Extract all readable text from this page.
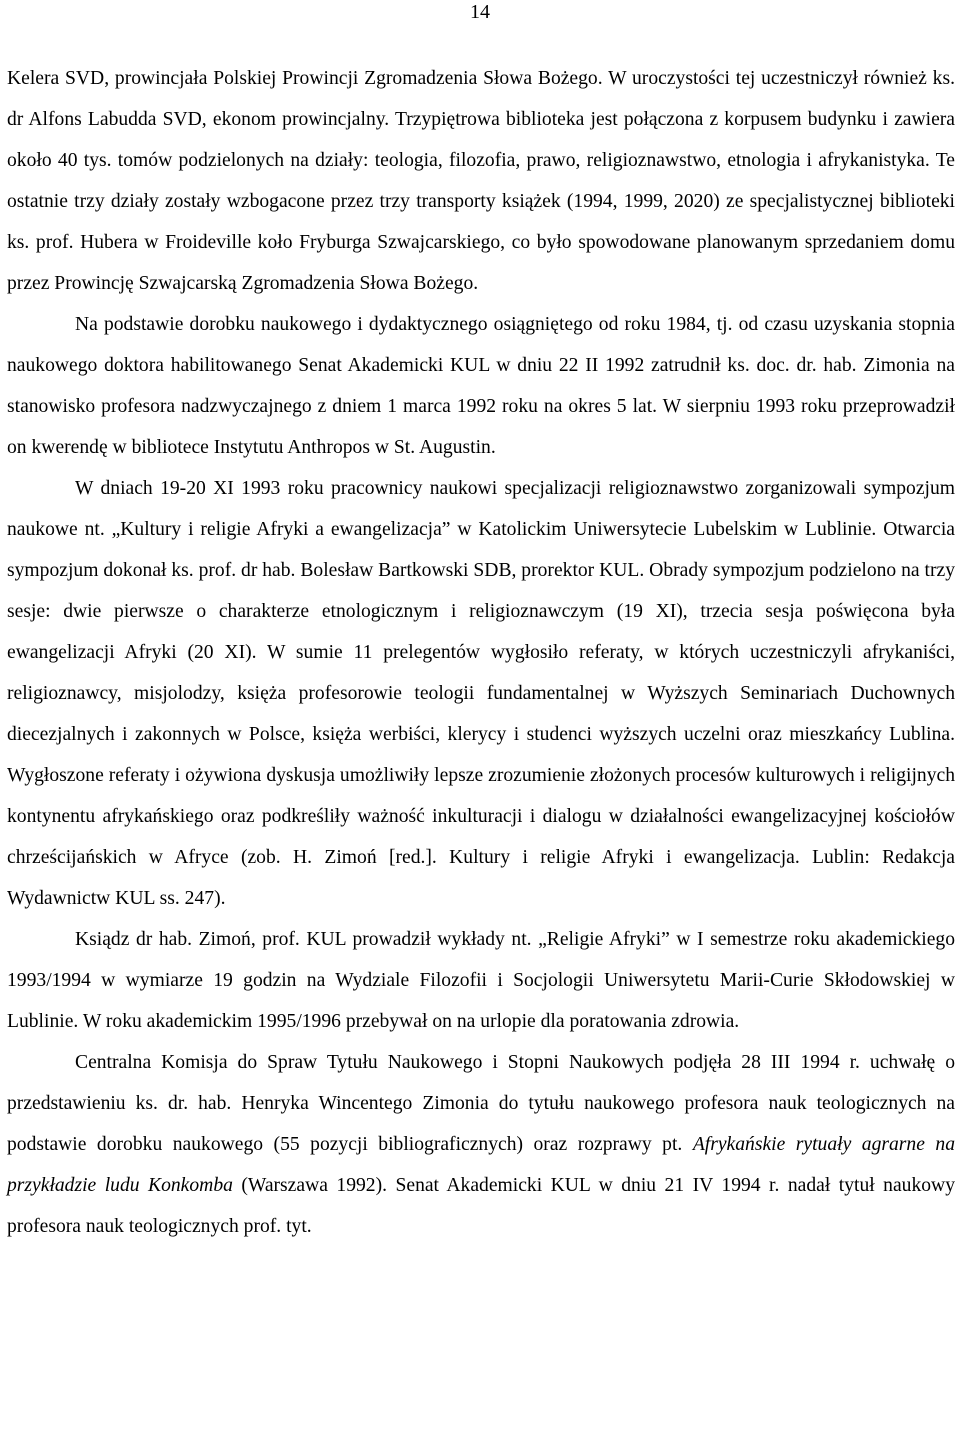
14

Kelera SVD, prowincjała Polskiej Prowincji Zgromadzenia Słowa Bożego. W uroczystości tej uczestniczył również ks. dr Alfons Labudda SVD, ekonom prowincjalny. Trzypiętrowa biblioteka jest połączona z korpusem budynku i zawiera około 40 tys. tomów podzielonych na działy: teologia, filozofia, prawo, religioznawstwo, etnologia i afrykanistyka. Te ostatnie trzy działy zostały wzbogacone przez trzy transporty książek (1994, 1999, 2020) ze specjalistycznej biblioteki ks. prof. Hubera w Froideville koło Fryburga Szwajcarskiego, co było spowodowane planowanym sprzedaniem domu przez Prowincję Szwajcarską Zgromadzenia Słowa Bożego.

Na podstawie dorobku naukowego i dydaktycznego osiągniętego od roku 1984, tj. od czasu uzyskania stopnia naukowego doktora habilitowanego Senat Akademicki KUL w dniu 22 II 1992 zatrudnił ks. doc. dr. hab. Zimonia na stanowisko profesora nadzwyczajnego z dniem 1 marca 1992 roku na okres 5 lat. W sierpniu 1993 roku przeprowadził on kwerendę w bibliotece Instytutu Anthropos w St. Augustin.

W dniach 19-20 XI 1993 roku pracownicy naukowi specjalizacji religioznawstwo zorganizowali sympozjum naukowe nt. „Kultury i religie Afryki a ewangelizacja” w Katolickim Uniwersytecie Lubelskim w Lublinie. Otwarcia sympozjum dokonał ks. prof. dr hab. Bolesław Bartkowski SDB, prorektor KUL. Obrady sympozjum podzielono na trzy sesje: dwie pierwsze o charakterze etnologicznym i religioznawczym (19 XI), trzecia sesja poświęcona była ewangelizacji Afryki (20 XI). W sumie 11 prelegentów wygłosiło referaty, w których uczestniczyli afrykaniści, religioznawcy, misjolodzy, księża profesorowie teologii fundamentalnej w Wyższych Seminariach Duchownych diecezjalnych i zakonnych w Polsce, księża werbiści, klerycy i studenci wyższych uczelni oraz mieszkańcy Lublina. Wygłoszone referaty i ożywiona dyskusja umożliwiły lepsze zrozumienie złożonych procesów kulturowych i religijnych kontynentu afrykańskiego oraz podkreśliły ważność inkulturacji i dialogu w działalności ewangelizacyjnej kościołów chrześcijańskich w Afryce (zob. H. Zimoń [red.]. Kultury i religie Afryki i ewangelizacja. Lublin: Redakcja Wydawnictw KUL ss. 247).

Ksiądz dr hab. Zimoń, prof. KUL prowadził wykłady nt. „Religie Afryki” w I semestrze roku akademickiego 1993/1994 w wymiarze 19 godzin na Wydziale Filozofii i Socjologii Uniwersytetu Marii-Curie Skłodowskiej w Lublinie. W roku akademickim 1995/1996 przebywał on na urlopie dla poratowania zdrowia.

Centralna Komisja do Spraw Tytułu Naukowego i Stopni Naukowych podjęła 28 III 1994 r. uchwałę o przedstawieniu ks. dr. hab. Henryka Wincentego Zimonia do tytułu naukowego profesora nauk teologicznych na podstawie dorobku naukowego (55 pozycji bibliograficznych) oraz rozprawy pt. Afrykańskie rytuały agrarne na przykładzie ludu Konkomba (Warszawa 1992). Senat Akademicki KUL w dniu 21 IV 1994 r. nadał tytuł naukowy profesora nauk teologicznych prof. tyt.
